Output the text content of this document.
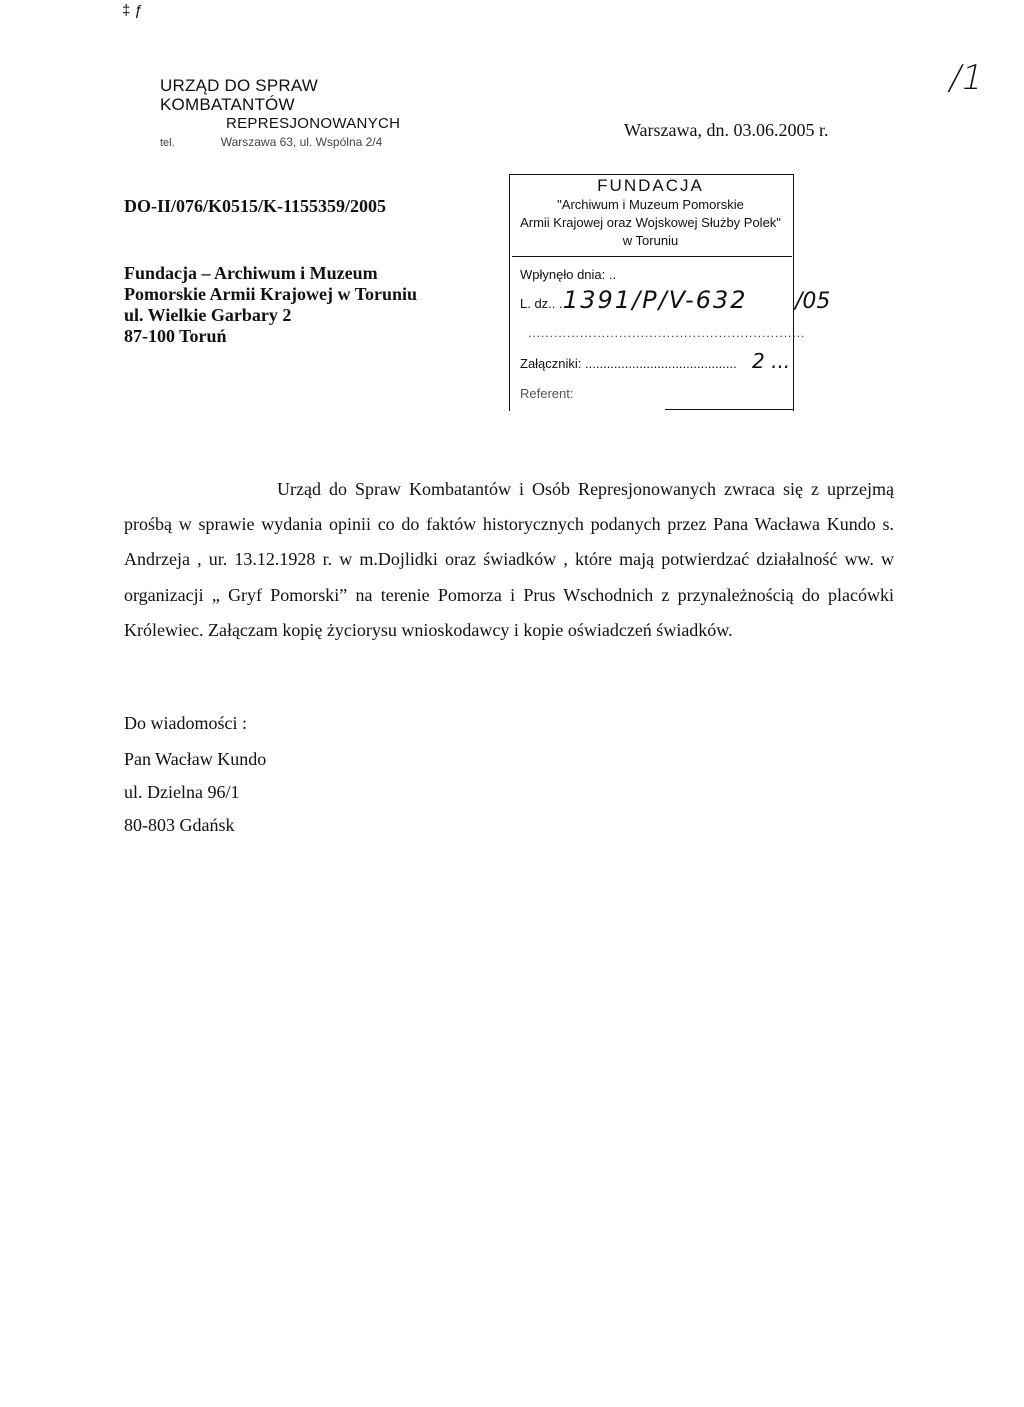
‡ ƒ
/1
URZĄD DO SPRAW KOMBATANTÓW
REPRESJONOWANYCH
tel.	Warszawa 63, ul. Wspólna 2/4
Warszawa, dn. 03.06.2005 r.
DO-II/076/K0515/K-1155359/2005
Fundacja – Archiwum i Muzeum
Pomorskie Armii Krajowej w Toruniu
ul. Wielkie Garbary 2
87-100 Toruń
FUNDACJA
"Archiwum i Muzeum Pomorskie
Armii Krajowej oraz Wojskowej Służby Polek"
w Toruniu
Wpłynęło dnia: ..
L. dz.. ...
1391/P/V-632 /05
................................................................
Załączniki: .......................................... 2 ...
Referent:

Urząd do Spraw Kombatantów i Osób Represjonowanych zwraca się z uprzejmą prośbą w sprawie wydania opinii co do faktów historycznych podanych przez Pana Wacława Kundo s. Andrzeja , ur. 13.12.1928 r. w m.Dojlidki oraz świadków , które mają potwierdzać działalność ww. w organizacji „ Gryf Pomorski” na terenie Pomorza i Prus Wschodnich z przynależnością do placówki Królewiec. Załączam kopię życiorysu wnioskodawcy i kopie oświadczeń świadków.

Do wiadomości :
Pan Wacław Kundo
ul. Dzielna 96/1
80-803 Gdańsk
